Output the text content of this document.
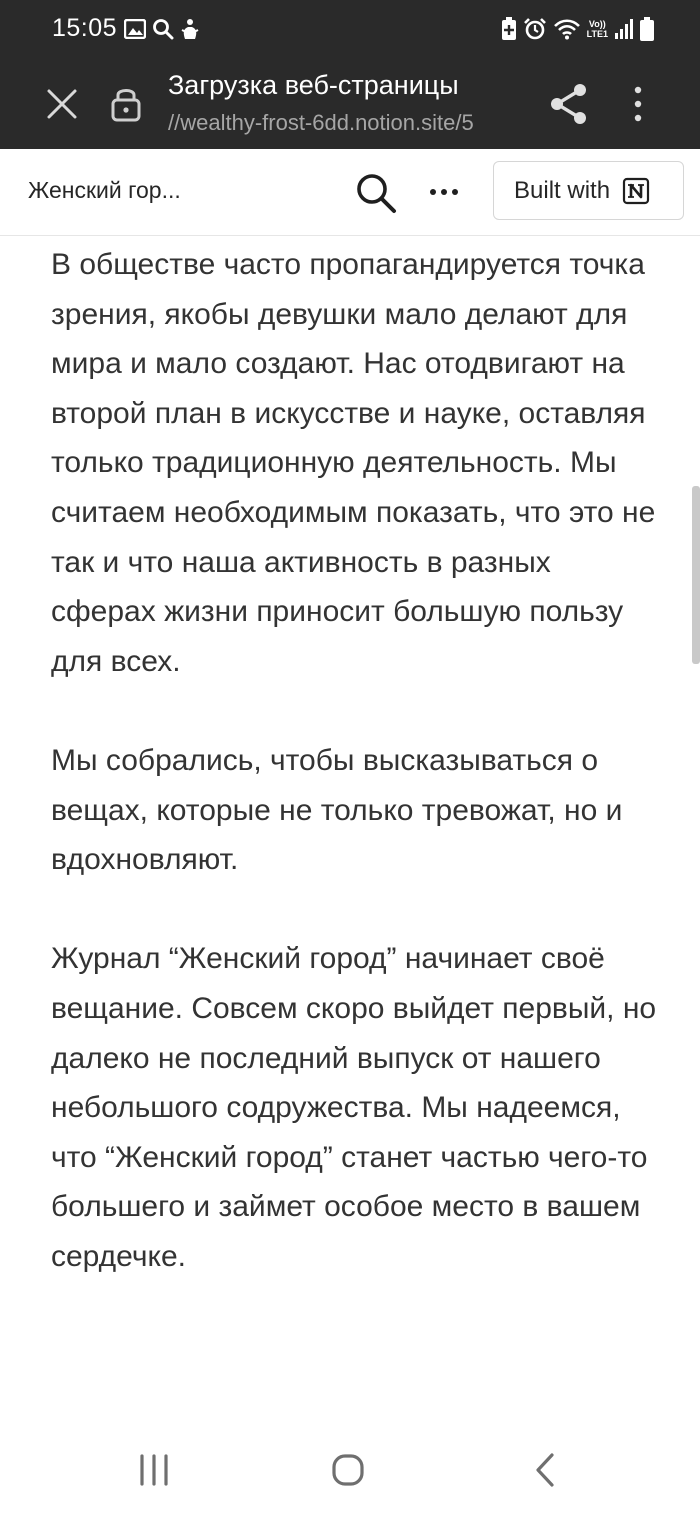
15:05	Vo))
LTE1
Загрузка веб-страницы
//wealthy-frost-6dd.notion.site/5
Женский гор...	Built with

В обществе часто пропагандируется точка зрения, якобы девушки мало делают для мира и мало создают. Нас отодвигают на второй план в искусстве и науке, оставляя только традиционную деятельность. Мы считаем необходимым показать, что это не так и что наша активность в разных сферах жизни приносит большую пользу для всех.

Мы собрались, чтобы высказываться о вещах, которые не только тревожат, но и вдохновляют.

Журнал “Женский город” начинает своё вещание. Совсем скоро выйдет первый, но далеко не последний выпуск от нашего небольшого содружества. Мы надеемся, что “Женский город” станет частью чего-то большего и займет особое место в вашем сердечке.
